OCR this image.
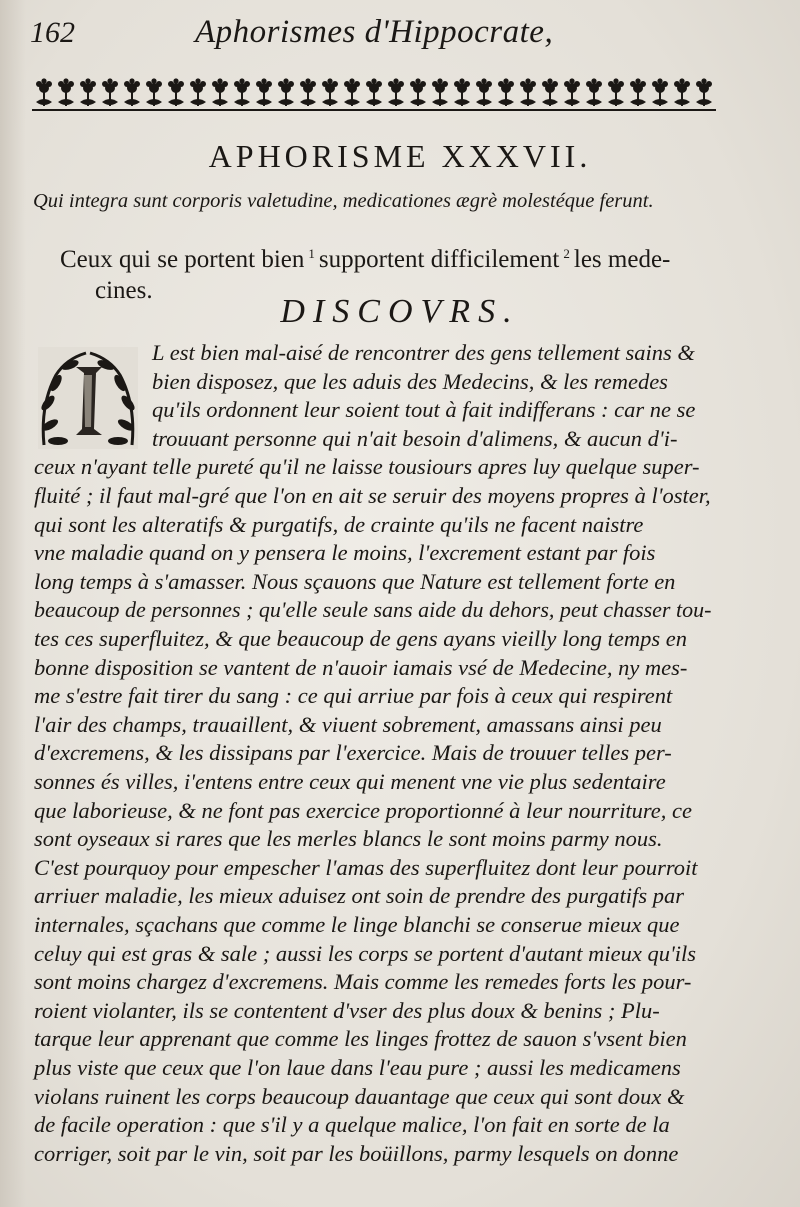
162	Aphorismes d'Hippocrate,
APHORISME XXXVII.
Qui integra sunt corporis valetudine, medicationes ægrè molestéque ferunt.
Ceux qui se portent bien $^1$ supportent difficilement $^2$ les mede-
cines.
DISCOVRS.
L est bien mal-aisé de rencontrer des gens tellement sains &
bien disposez, que les aduis des Medecins, & les remedes
qu'ils ordonnent leur soient tout à fait indifferans : car ne se
trouuant personne qui n'ait besoin d'alimens, & aucun d'i-
ceux n'ayant telle pureté qu'il ne laisse tousiours apres luy quelque super-
fluité ; il faut mal-gré que l'on en ait se seruir des moyens propres à l'oster,
qui sont les alteratifs & purgatifs, de crainte qu'ils ne facent naistre
vne maladie quand on y pensera le moins, l'excrement estant par fois
long temps à s'amasser. Nous sçauons que Nature est tellement forte en
beaucoup de personnes ; qu'elle seule sans aide du dehors, peut chasser tou-
tes ces superfluitez, & que beaucoup de gens ayans vieilly long temps en
bonne disposition se vantent de n'auoir iamais vsé de Medecine, ny mes-
me s'estre fait tirer du sang : ce qui arriue par fois à ceux qui respirent
l'air des champs, trauaillent, & viuent sobrement, amassans ainsi peu
d'excremens, & les dissipans par l'exercice. Mais de trouuer telles per-
sonnes és villes, i'entens entre ceux qui menent vne vie plus sedentaire
que laborieuse, & ne font pas exercice proportionné à leur nourriture, ce
sont oyseaux si rares que les merles blancs le sont moins parmy nous.
C'est pourquoy pour empescher l'amas des superfluitez dont leur pourroit
arriuer maladie, les mieux aduisez ont soin de prendre des purgatifs par
internales, sçachans que comme le linge blanchi se conserue mieux que
celuy qui est gras & sale ; aussi les corps se portent d'autant mieux qu'ils
sont moins chargez d'excremens. Mais comme les remedes forts les pour-
roient violanter, ils se contentent d'vser des plus doux & benins ; Plu-
tarque leur apprenant que comme les linges frottez de sauon s'vsent bien
plus viste que ceux que l'on laue dans l'eau pure ; aussi les medicamens
violans ruinent les corps beaucoup dauantage que ceux qui sont doux &
de facile operation : que s'il y a quelque malice, l'on fait en sorte de la
corriger, soit par le vin, soit par les boüillons, parmy lesquels on donne
